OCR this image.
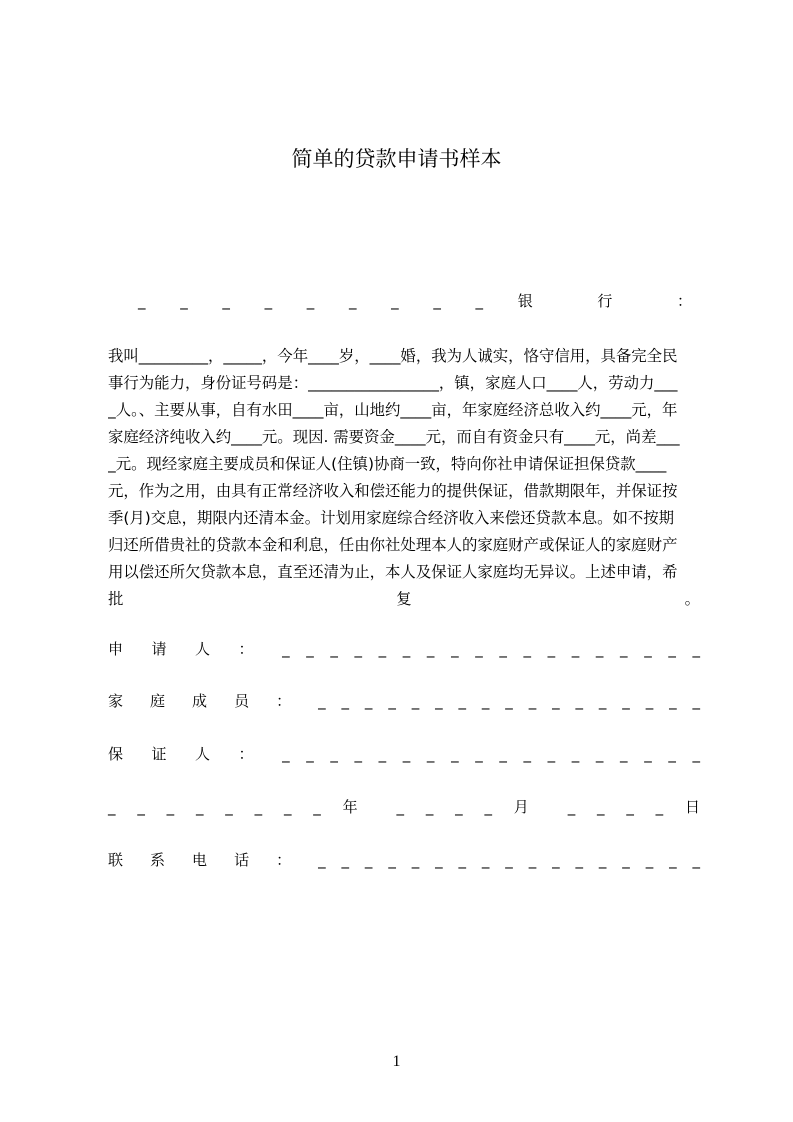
简单的贷款申请书样本
_ _ _ _ _ _ _ _ _ 银 行 ：
我叫_________，_____，今年____岁，____婚，我为人诚实，恪守信用，具备完全民
事行为能力，身份证号码是：_________________，镇，家庭人口____人，劳动力___
_人。、主要从事，自有水田____亩，山地约____亩，年家庭经济总收入约____元，年
家庭经济纯收入约____元。现因. 需要资金____元，而自有资金只有____元，尚差___
_元。现经家庭主要成员和保证人(住镇)协商一致，特向你社申请保证担保贷款____
元，作为之用，由具有正常经济收入和偿还能力的提供保证，借款期限年，并保证按
季(月)交息，期限内还清本金。计划用家庭综合经济收入来偿还贷款本息。如不按期
归还所借贵社的贷款本金和利息，任由你社处理本人的家庭财产或保证人的家庭财产
用以偿还所欠贷款本息，直至还清为止，本人及保证人家庭均无异议。上述申请，希
批 复 。
申 请 人 ： _ _ _ _ _ _ _ _ _ _ _ _ _ _ _ _ _ _
家 庭 成 员 ： _ _ _ _ _ _ _ _ _ _ _ _ _ _ _ _ _
保 证 人 ： _ _ _ _ _ _ _ _ _ _ _ _ _ _ _ _ _ _
_ _ _ _ _ _ _ _ 年 _ _ _ _ 月 _ _ _ _ 日
联 系 电 话 ： _ _ _ _ _ _ _ _ _ _ _ _ _ _ _ _ _
1
